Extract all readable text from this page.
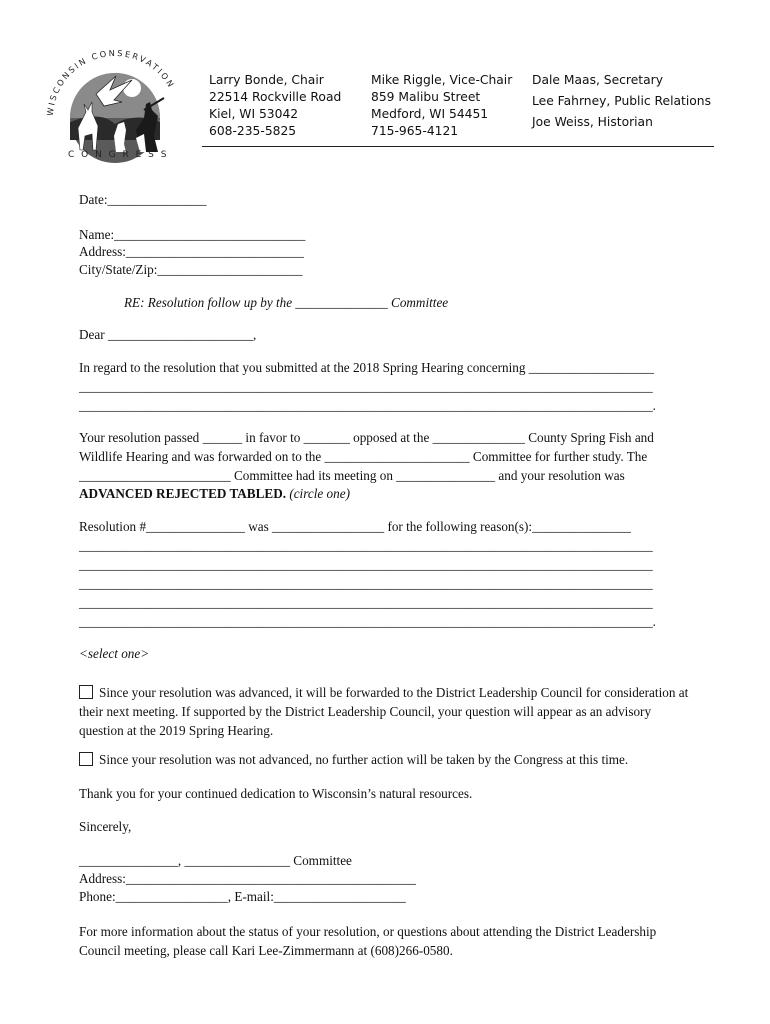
WISCONSIN CONSERVATION
C O N G R E S S
Larry Bonde, Chair
22514 Rockville Road
Kiel, WI 53042
608-235-5825
Mike Riggle, Vice-Chair
859 Malibu Street
Medford, WI 54451
715-965-4121
Dale Maas, Secretary
Lee Fahrney, Public Relations
Joe Weiss, Historian
Date:_______________
Name:_____________________________
Address:___________________________
City/State/Zip:______________________
RE: Resolution follow up by the ______________ Committee
Dear ______________________,
In regard to the resolution that you submitted at the 2018 Spring Hearing concerning ___________________
_______________________________________________________________________________________
_______________________________________________________________________________________.
Your resolution passed ______ in favor to _______ opposed at the ______________ County Spring Fish and
Wildlife Hearing and was forwarded on to the ______________________ Committee for further study. The
_______________________ Committee had its meeting on _______________ and your resolution was
ADVANCED REJECTED TABLED. (circle one)
Resolution #_______________ was _________________ for the following reason(s):_______________
_______________________________________________________________________________________
_______________________________________________________________________________________
_______________________________________________________________________________________
_______________________________________________________________________________________
_______________________________________________________________________________________.
<select one>
Since your resolution was advanced, it will be forwarded to the District Leadership Council for consideration at their next meeting. If supported by the District Leadership Council, your question will appear as an advisory question at the 2019 Spring Hearing.
Since your resolution was not advanced, no further action will be taken by the Congress at this time.
Thank you for your continued dedication to Wisconsin’s natural resources.
Sincerely,
_______________, ________________ Committee
Address:____________________________________________
Phone:_________________, E-mail:____________________
For more information about the status of your resolution, or questions about attending the District Leadership Council meeting, please call Kari Lee-Zimmermann at (608)266-0580.
